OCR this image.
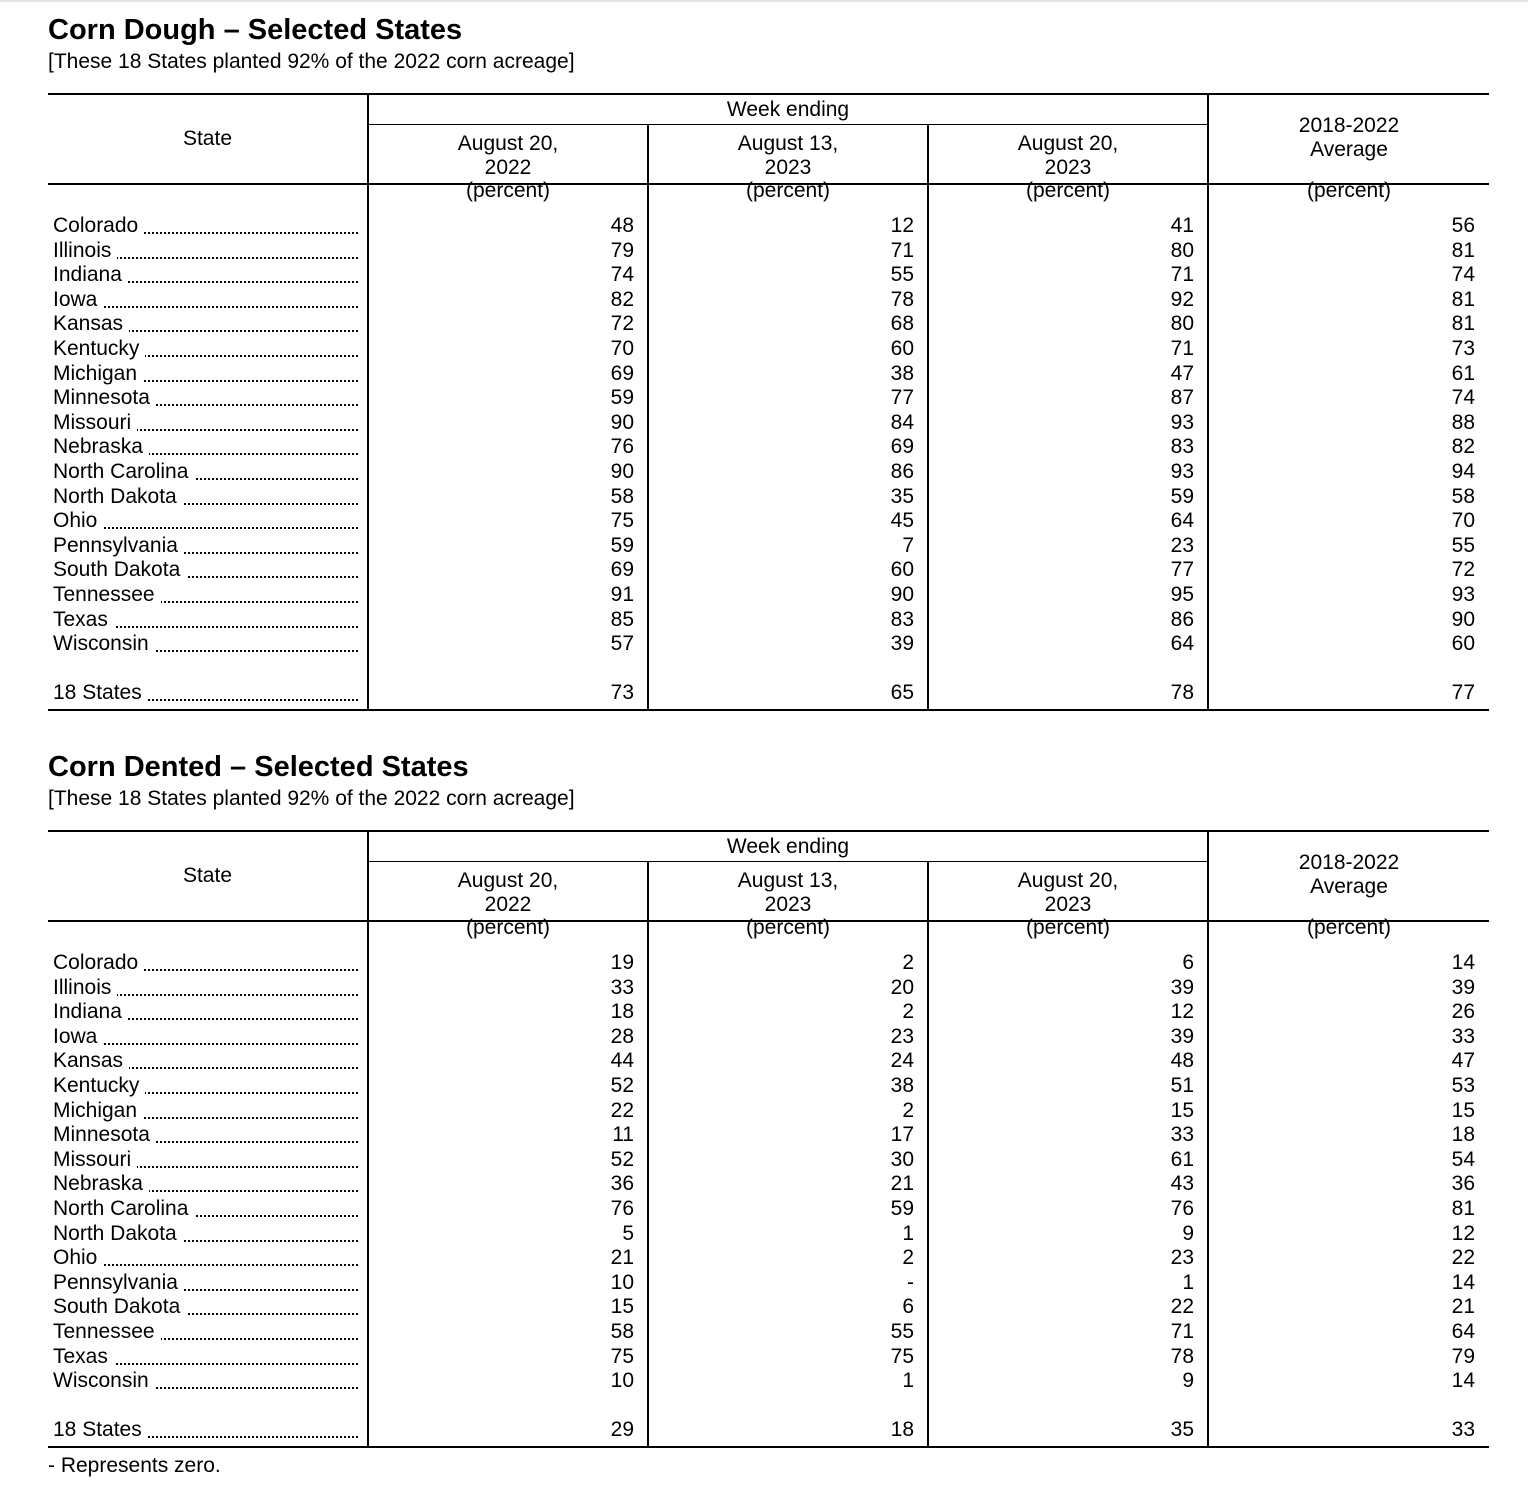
Corn Dough – Selected States
[These 18 States planted 92% of the 2022 corn acreage]
State
Week ending
August 20,
2022
August 13,
2023
August 20,
2023
2018-2022
Average
(percent)	(percent)	(percent)	(percent)
Colorado	48	12	41	56
Illinois	79	71	80	81
Indiana	74	55	71	74
Iowa	82	78	92	81
Kansas	72	68	80	81
Kentucky	70	60	71	73
Michigan	69	38	47	61
Minnesota	59	77	87	74
Missouri	90	84	93	88
Nebraska	76	69	83	82
North Carolina	90	86	93	94
North Dakota	58	35	59	58
Ohio	75	45	64	70
Pennsylvania	59	7	23	55
South Dakota	69	60	77	72
Tennessee	91	90	95	93
Texas	85	83	86	90
Wisconsin	57	39	64	60
18 States	73	65	78	77
Corn Dented – Selected States
[These 18 States planted 92% of the 2022 corn acreage]
State
Week ending
August 20,
2022
August 13,
2023
August 20,
2023
2018-2022
Average
(percent)	(percent)	(percent)	(percent)
Colorado	19	2	6	14
Illinois	33	20	39	39
Indiana	18	2	12	26
Iowa	28	23	39	33
Kansas	44	24	48	47
Kentucky	52	38	51	53
Michigan	22	2	15	15
Minnesota	11	17	33	18
Missouri	52	30	61	54
Nebraska	36	21	43	36
North Carolina	76	59	76	81
North Dakota	5	1	9	12
Ohio	21	2	23	22
Pennsylvania	10	-	1	14
South Dakota	15	6	22	21
Tennessee	58	55	71	64
Texas	75	75	78	79
Wisconsin	10	1	9	14
18 States	29	18	35	33
- Represents zero.
